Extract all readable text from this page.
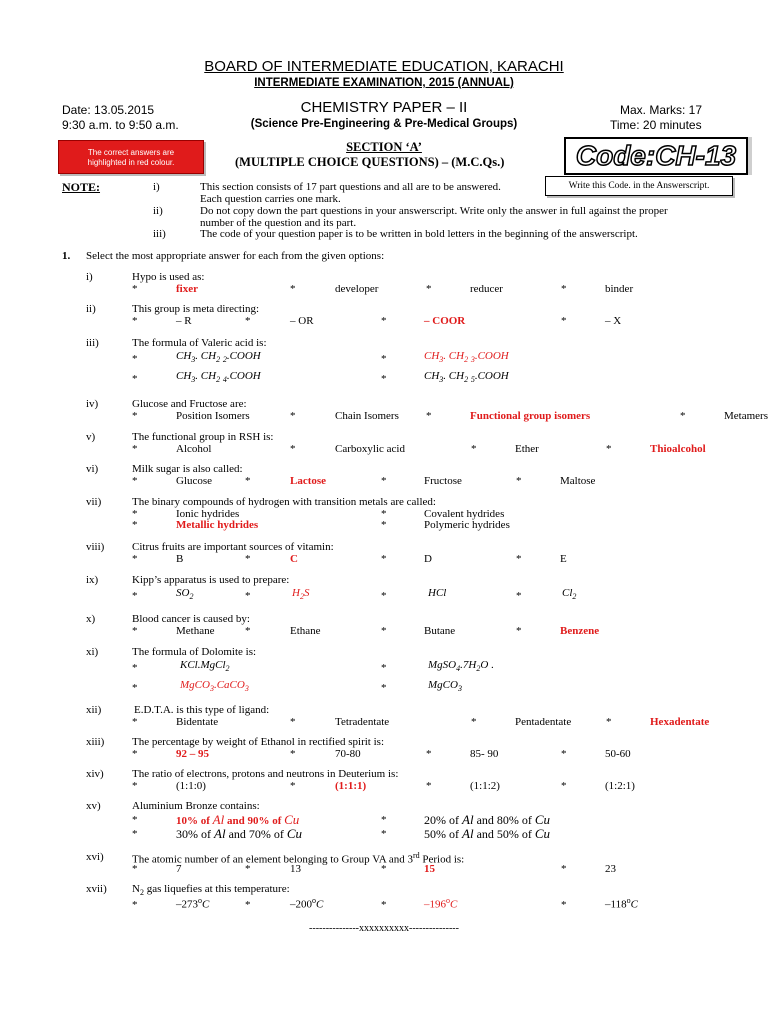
BOARD OF INTERMEDIATE EDUCATION, KARACHI
INTERMEDIATE EXAMINATION, 2015 (ANNUAL)
Date: 13.05.2015
9:30 a.m. to 9:50 a.m.
CHEMISTRY PAPER – II
(Science Pre-Engineering & Pre-Medical Groups)
Max. Marks: 17
Time: 20 minutes
The correct answers are
highlighted in red colour.
SECTION ‘A’
(MULTIPLE CHOICE QUESTIONS) – (M.C.Qs.)	Code:CH-13
Write this Code. in the Answerscript.
NOTE:	i)	This section consists of 17 part questions and all are to be answered.
Each question carries one mark.
ii)	Do not copy down the part questions in your answerscript. Write only the answer in full against the proper
number of the question and its part.
iii)	The code of your question paper is to be written in bold letters in the beginning of the answerscript.
1. Select the most appropriate answer for each from the given options:
i)	Hypo is used as:
*	fixer	*	developer	*	reducer	*	binder
ii)	This group is meta directing:
*	– R	*	– OR	*	– COOR	*	– X
iii)	The formula of Valeric acid is:
*	$CH_3$. $CH_2$ $_2$.COOH	*	$CH_3$. $CH_2$ $_3$.COOH
*	$CH_3$. $CH_2$ $_4$.COOH	*	$CH_3$. $CH_2$ $_5$.COOH
iv)	Glucose and Fructose are:
*	Position Isomers	*	Chain Isomers *	Functional group isomers	*	Metamers
v)	The functional group in RSH is:
*	Alcohol	*	Carboxylic acid	*	Ether	*	Thioalcohol
vi)	Milk sugar is also called:
*	Glucose	*	Lactose	*	Fructose	*	Maltose
vii)	The binary compounds of hydrogen with transition metals are called:
*	Ionic hydrides	*	Covalent hydrides
*	Metallic hydrides	*	Polymeric hydrides
viii)	Citrus fruits are important sources of vitamin:
*	B	*	C	*	D	*	E
ix)	Kipp’s apparatus is used to prepare:
*	$SO_2$	*	$H_2S$	*	HCl	*	$Cl_2$
x)	Blood cancer is caused by:
*	Methane	*	Ethane	*	Butane	*	Benzene
xi)	The formula of Dolomite is:
*	KCl.MgCl$_2$	*	$MgSO_4.7H_2O$ .
*	MgCO$_3$.CaCO$_3$	*	MgCO$_3$
xii)	E.D.T.A. is this type of ligand:
*	Bidentate	*	Tetradentate	*	Pentadentate	*	Hexadentate
xiii)	The percentage by weight of Ethanol in rectified spirit is:
*	92 – 95	*	70-80	*	85- 90	*	50-60
xiv)	The ratio of electrons, protons and neutrons in Deuterium is:
*	(1:1:0)	*	(1:1:1)	*	(1:1:2)	*	(1:2:1)
xv)	Aluminium Bronze contains:
*	10% of Al and 90% of Cu	*	20% of Al and 80% of Cu
*	30% of Al and 70% of Cu	*	50% of Al and 50% of Cu
xvi)	The atomic number of an element belonging to Group VA and 3rd Period is:
*	7	*	13	*	15	*	23
xvii) $N_2$ gas liquefies at this temperature:
*	–273$^o$C	*	–200$^o$C	*	–196$^o$C	*	–118$^o$C
---------------xxxxxxxxxx---------------
